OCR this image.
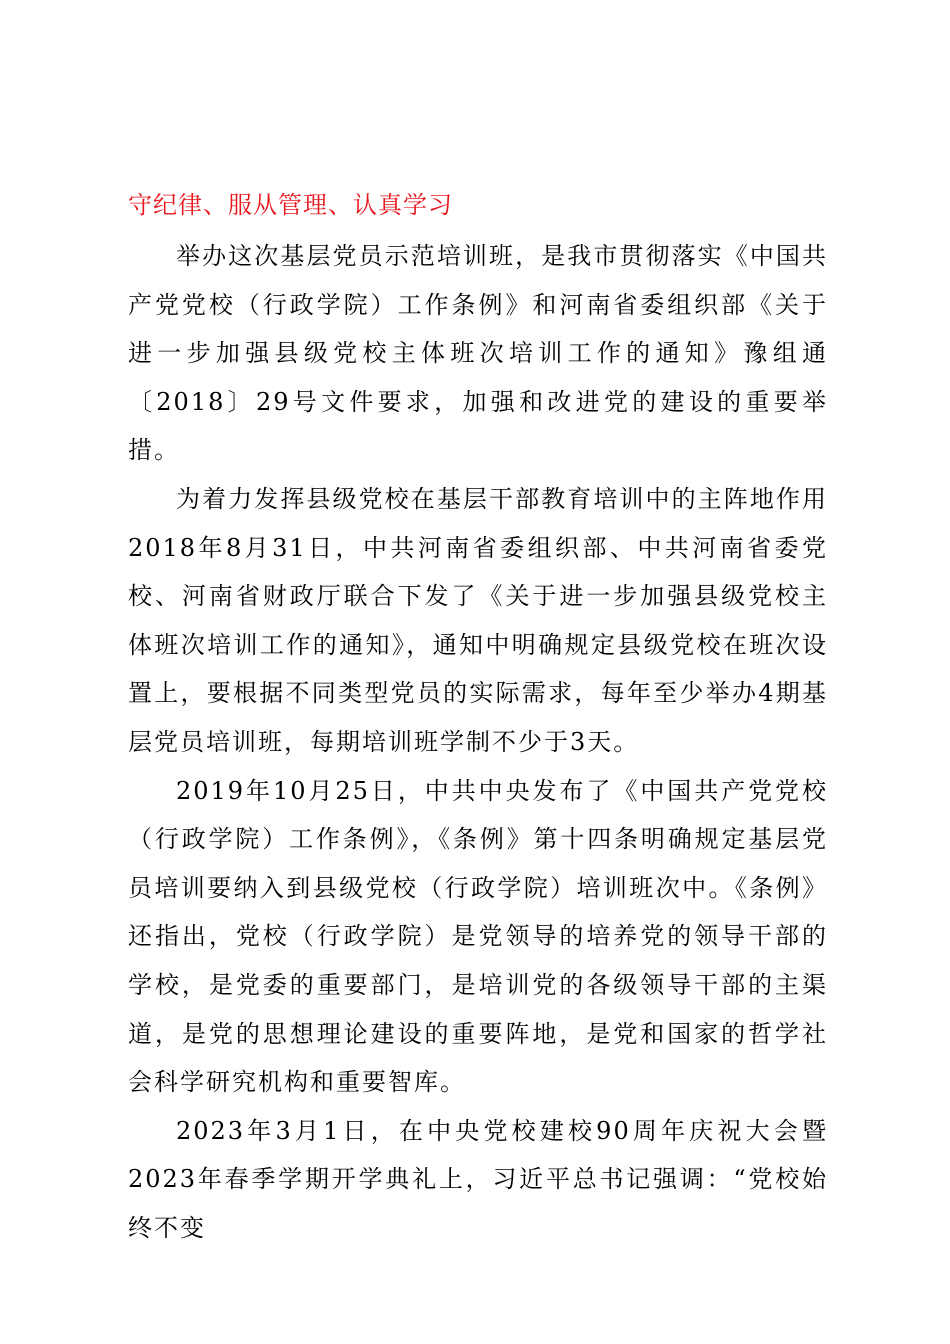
守纪律、服从管理、认真学习

举办这次基层党员示范培训班，是我市贯彻落实《中国共产党党校（行政学院）工作条例》和河南省委组织部《关于进一步加强县级党校主体班次培训工作的通知》豫组通〔2018〕29号文件要求，加强和改进党的建设的重要举措。

为着力发挥县级党校在基层干部教育培训中的主阵地作用2018年8月31日，中共河南省委组织部、中共河南省委党校、河南省财政厅联合下发了《关于进一步加强县级党校主体班次培训工作的通知》，通知中明确规定县级党校在班次设置上，要根据不同类型党员的实际需求，每年至少举办4期基层党员培训班，每期培训班学制不少于3天。

2019年10月25日，中共中央发布了《中国共产党党校（行政学院）工作条例》，《条例》第十四条明确规定基层党员培训要纳入到县级党校（行政学院）培训班次中。《条例》还指出，党校（行政学院）是党领导的培养党的领导干部的学校，是党委的重要部门，是培训党的各级领导干部的主渠道，是党的思想理论建设的重要阵地，是党和国家的哲学社会科学研究机构和重要智库。

2023年3月1日，在中央党校建校90周年庆祝大会暨2023年春季学期开学典礼上，习近平总书记强调：“党校始终不变
